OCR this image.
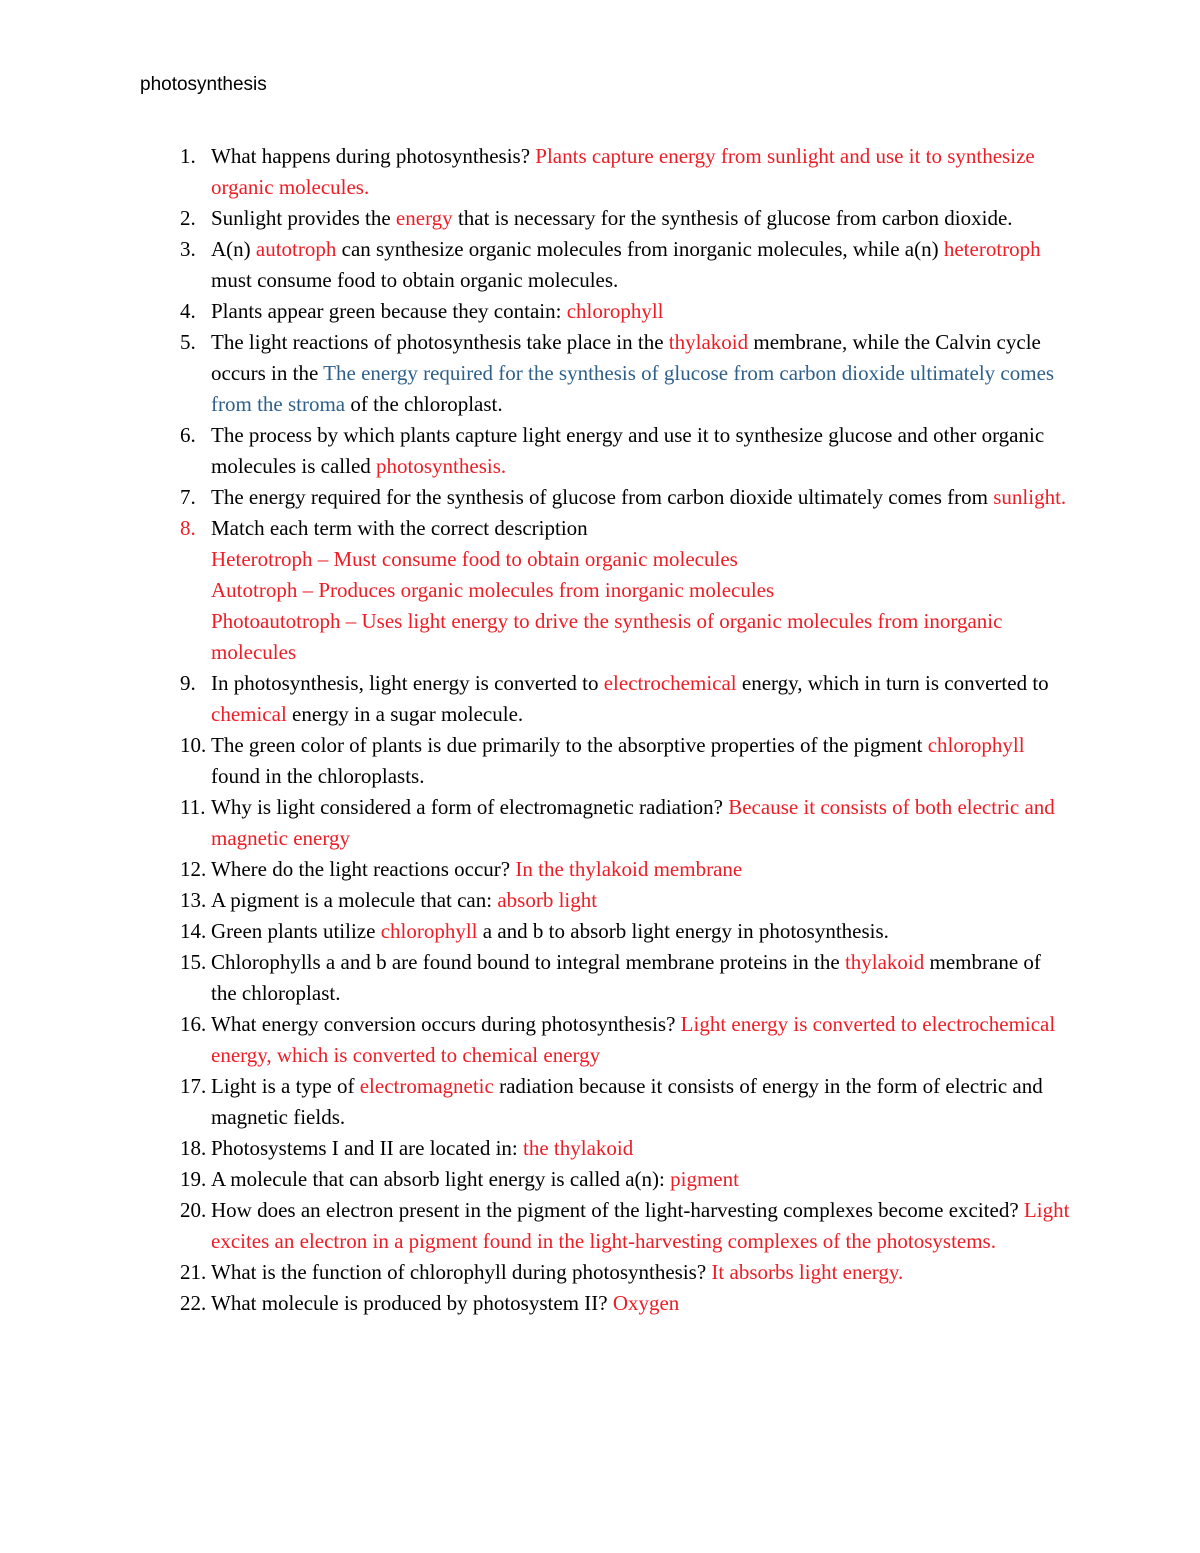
photosynthesis
1. What happens during photosynthesis? Plants capture energy from sunlight and use it to synthesize organic molecules.
2. Sunlight provides the energy that is necessary for the synthesis of glucose from carbon dioxide.
3. A(n) autotroph can synthesize organic molecules from inorganic molecules, while a(n) heterotroph must consume food to obtain organic molecules.
4. Plants appear green because they contain: chlorophyll
5. The light reactions of photosynthesis take place in the thylakoid membrane, while the Calvin cycle occurs in the The energy required for the synthesis of glucose from carbon dioxide ultimately comes from the stroma of the chloroplast.
6. The process by which plants capture light energy and use it to synthesize glucose and other organic molecules is called photosynthesis.
7. The energy required for the synthesis of glucose from carbon dioxide ultimately comes from sunlight.
8. Match each term with the correct description
Heterotroph – Must consume food to obtain organic molecules
Autotroph – Produces organic molecules from inorganic molecules
Photoautotroph – Uses light energy to drive the synthesis of organic molecules from inorganic molecules
9. In photosynthesis, light energy is converted to electrochemical energy, which in turn is converted to chemical energy in a sugar molecule.
10. The green color of plants is due primarily to the absorptive properties of the pigment chlorophyll found in the chloroplasts.
11. Why is light considered a form of electromagnetic radiation? Because it consists of both electric and magnetic energy
12. Where do the light reactions occur? In the thylakoid membrane
13. A pigment is a molecule that can: absorb light
14. Green plants utilize chlorophyll a and b to absorb light energy in photosynthesis.
15. Chlorophylls a and b are found bound to integral membrane proteins in the thylakoid membrane of the chloroplast.
16. What energy conversion occurs during photosynthesis? Light energy is converted to electrochemical energy, which is converted to chemical energy
17. Light is a type of electromagnetic radiation because it consists of energy in the form of electric and magnetic fields.
18. Photosystems I and II are located in: the thylakoid
19. A molecule that can absorb light energy is called a(n): pigment
20. How does an electron present in the pigment of the light-harvesting complexes become excited? Light excites an electron in a pigment found in the light-harvesting complexes of the photosystems.
21. What is the function of chlorophyll during photosynthesis? It absorbs light energy.
22. What molecule is produced by photosystem II? Oxygen
